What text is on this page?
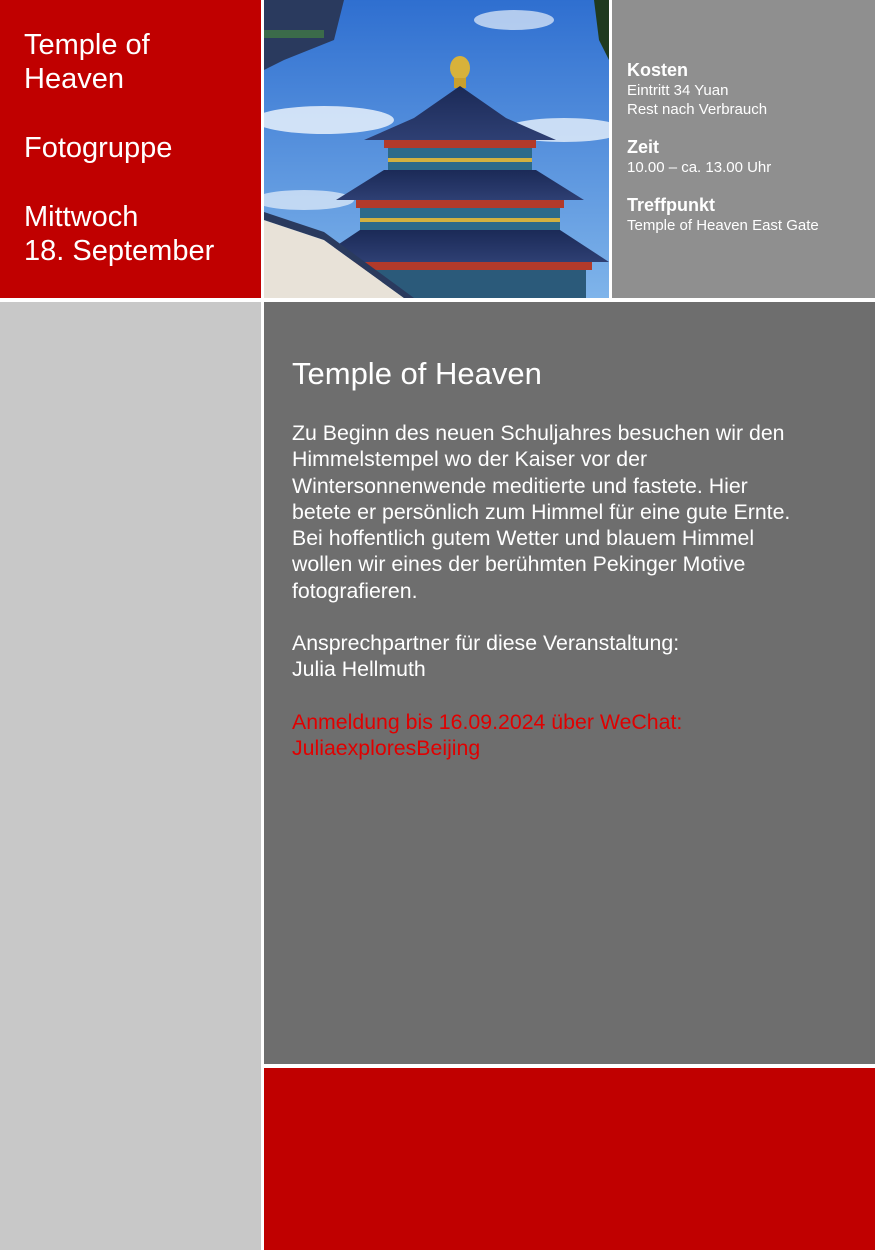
Temple of
Heaven

Fotogruppe

Mittwoch
18. September

Kosten
Eintritt 34 Yuan
Rest nach Verbrauch
Zeit
10.00 – ca. 13.00 Uhr
Treffpunkt
Temple of Heaven East Gate
Temple of Heaven

Zu Beginn des neuen Schuljahres besuchen wir den
Himmelstempel wo der Kaiser vor der
Wintersonnenwende meditierte und fastete. Hier
betete er persönlich zum Himmel für eine gute Ernte.
Bei hoffentlich gutem Wetter und blauem Himmel
wollen wir eines der berühmten Pekinger Motive
fotografieren.

Ansprechpartner für diese Veranstaltung:
Julia Hellmuth

Anmeldung bis 16.09.2024 über WeChat:
JuliaexploresBeijing
